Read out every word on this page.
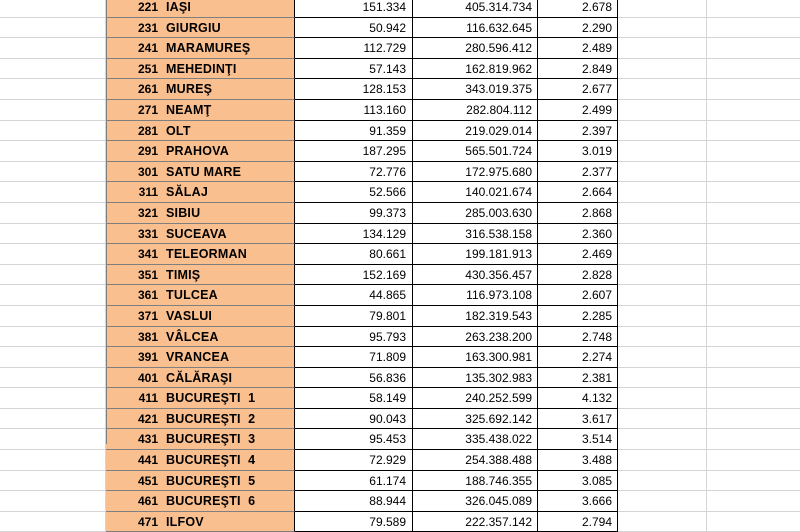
221 IAŞI	151.334	405.314.734	2.678
231 GIURGIU	50.942	116.632.645	2.290
241 MARAMUREŞ	112.729	280.596.412	2.489
251 MEHEDINŢI	57.143	162.819.962	2.849
261 MUREŞ	128.153	343.019.375	2.677
271 NEAMŢ	113.160	282.804.112	2.499
281 OLT	91.359	219.029.014	2.397
291 PRAHOVA	187.295	565.501.724	3.019
301 SATU MARE	72.776	172.975.680	2.377
311 SĂLAJ	52.566	140.021.674	2.664
321 SIBIU	99.373	285.003.630	2.868
331 SUCEAVA	134.129	316.538.158	2.360
341 TELEORMAN	80.661	199.181.913	2.469
351 TIMIŞ	152.169	430.356.457	2.828
361 TULCEA	44.865	116.973.108	2.607
371 VASLUI	79.801	182.319.543	2.285
381 VÂLCEA	95.793	263.238.200	2.748
391 VRANCEA	71.809	163.300.981	2.274
401 CĂLĂRAŞI	56.836	135.302.983	2.381
411 BUCUREŞTI  1	58.149	240.252.599	4.132
421 BUCUREŞTI  2	90.043	325.692.142	3.617
431 BUCUREŞTI  3	95.453	335.438.022	3.514
441 BUCUREŞTI  4	72.929	254.388.488	3.488
451 BUCUREŞTI  5	61.174	188.746.355	3.085
461 BUCUREŞTI  6	88.944	326.045.089	3.666
471 ILFOV	79.589	222.357.142	2.794
